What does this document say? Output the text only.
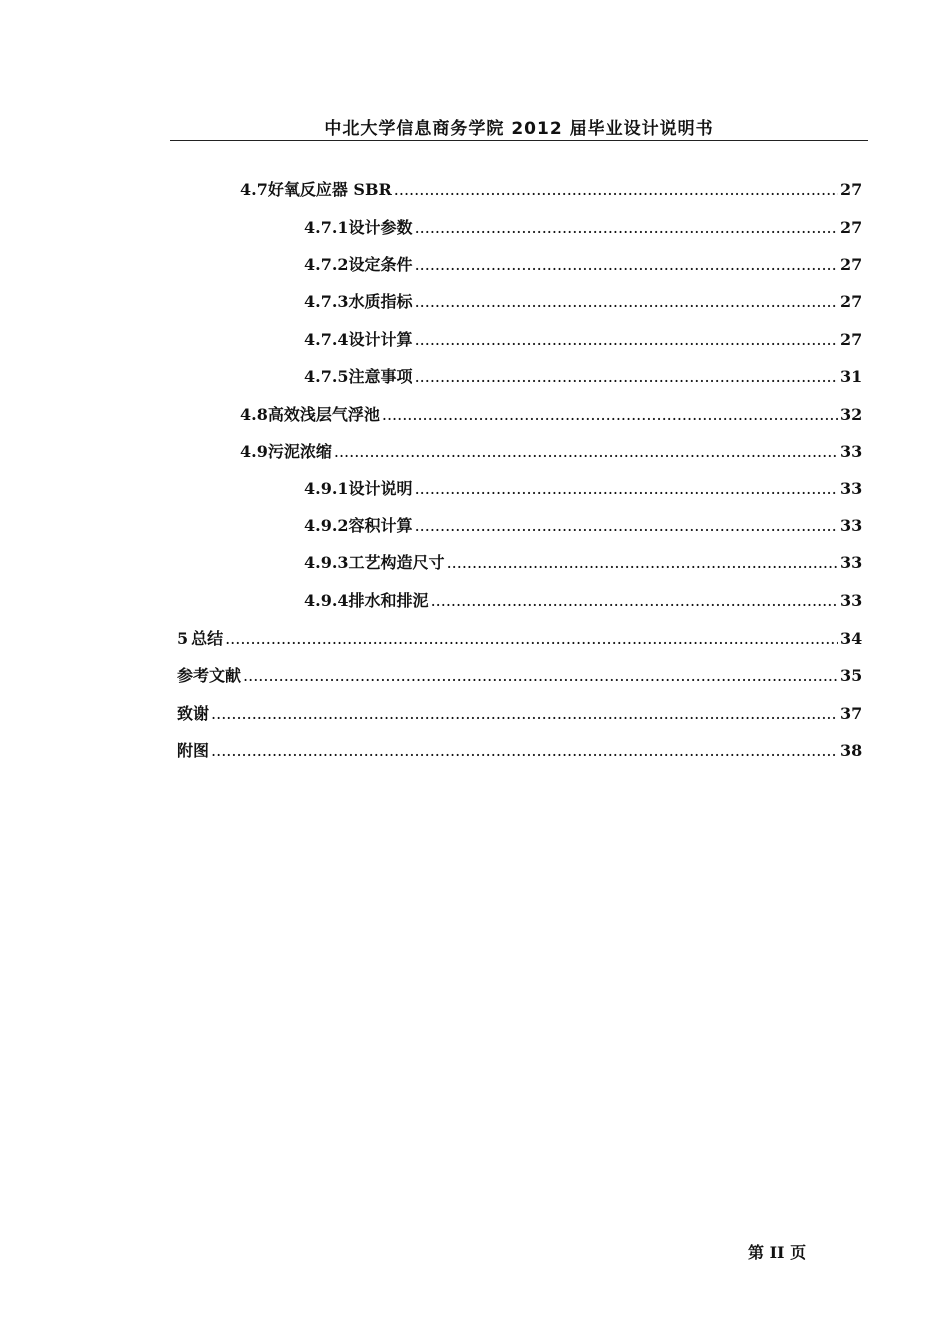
中北大学信息商务学院 2012 届毕业设计说明书
4.7 好氧反应器 SBR .....	27
4.7.1 设计参数 .....	27
4.7.2 设定条件 .....	27
4.7.3 水质指标 .....	27
4.7.4 设计计算 .....	27
4.7.5 注意事项 .....	31
4.8 高效浅层气浮池 .....	32
4.9 污泥浓缩 .....	33
4.9.1 设计说明 .....	33
4.9.2 容积计算 .....	33
4.9.3 工艺构造尺寸 .....	33
4.9.4 排水和排泥 .....	33
5 总结 .....	34
参考文献 .....	35
致谢 .....	37
附图 .....	38
第 II 页
